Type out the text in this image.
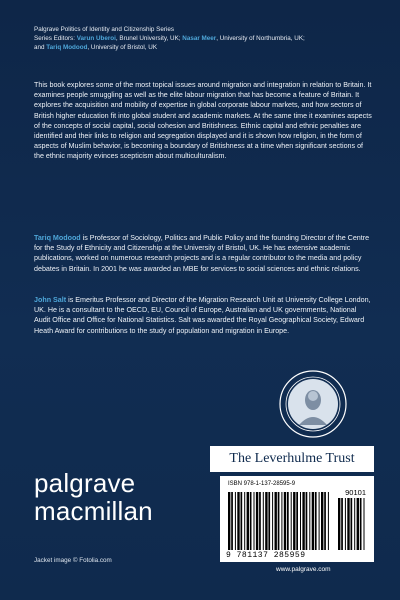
Palgrave Politics of Identity and Citizenship Series
Series Editors: Varun Uberoi, Brunel University, UK; Nasar Meer, University of Northumbria, UK;
and Tariq Modood, University of Bristol, UK

This book explores some of the most topical issues around migration and integration in relation to Britain. It examines people smuggling as well as the elite labour migration that has become a feature of Britain. It explores the acquisition and mobility of expertise in global corporate labour markets, and how sectors of British higher education fit into global student and academic markets. At the same time it examines aspects of the concepts of social capital, social cohesion and Britishness. Ethnic capital and ethnic penalties are identified and their links to religion and segregation displayed and it is shown how religion, in the form of aspects of Muslim behavior, is becoming a boundary of Britishness at a time when significant sections of the ethnic majority evinces scepticism about multiculturalism.

Tariq Modood is Professor of Sociology, Politics and Public Policy and the founding Director of the Centre for the Study of Ethnicity and Citizenship at the University of Bristol, UK. He has extensive academic publications, worked on numerous research projects and is a regular contributor to the media and policy debates in Britain. In 2001 he was awarded an MBE for services to social sciences and ethnic relations.

John Salt is Emeritus Professor and Director of the Migration Research Unit at University College London, UK. He is a consultant to the OECD, EU, Council of Europe, Australian and UK governments, National Audit Office and Office for National Statistics. Salt was awarded the Royal Geographical Society, Edward Heath Award for contributions to the study of population and migration in Europe.

The Leverhulme Trust
ISBN 978-1-137-28595-9
90101
9 781137 285959
palgrave
macmillan
Jacket image © Fotolia.com
www.palgrave.com
